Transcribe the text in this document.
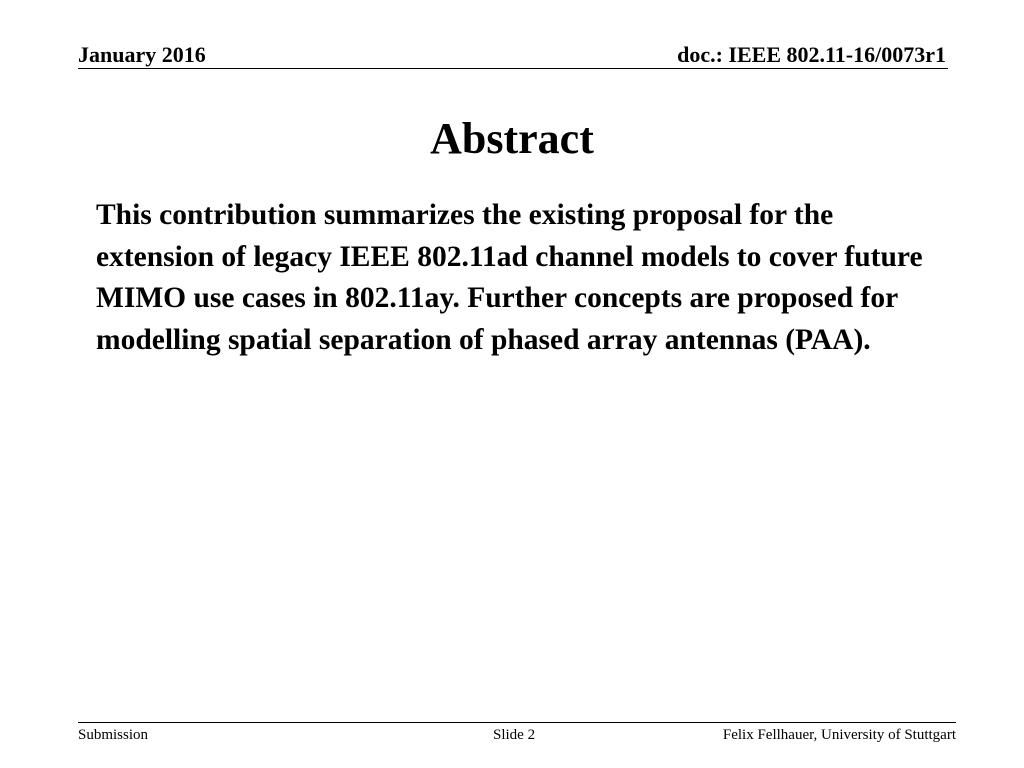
January 2016	doc.: IEEE 802.11-16/0073r1
Abstract

This contribution summarizes the existing proposal for the extension of legacy IEEE 802.11ad channel models to cover future MIMO use cases in 802.11ay. Further concepts are proposed for modelling spatial separation of phased array antennas (PAA).

Submission	Slide 2	Felix Fellhauer, University of Stuttgart
